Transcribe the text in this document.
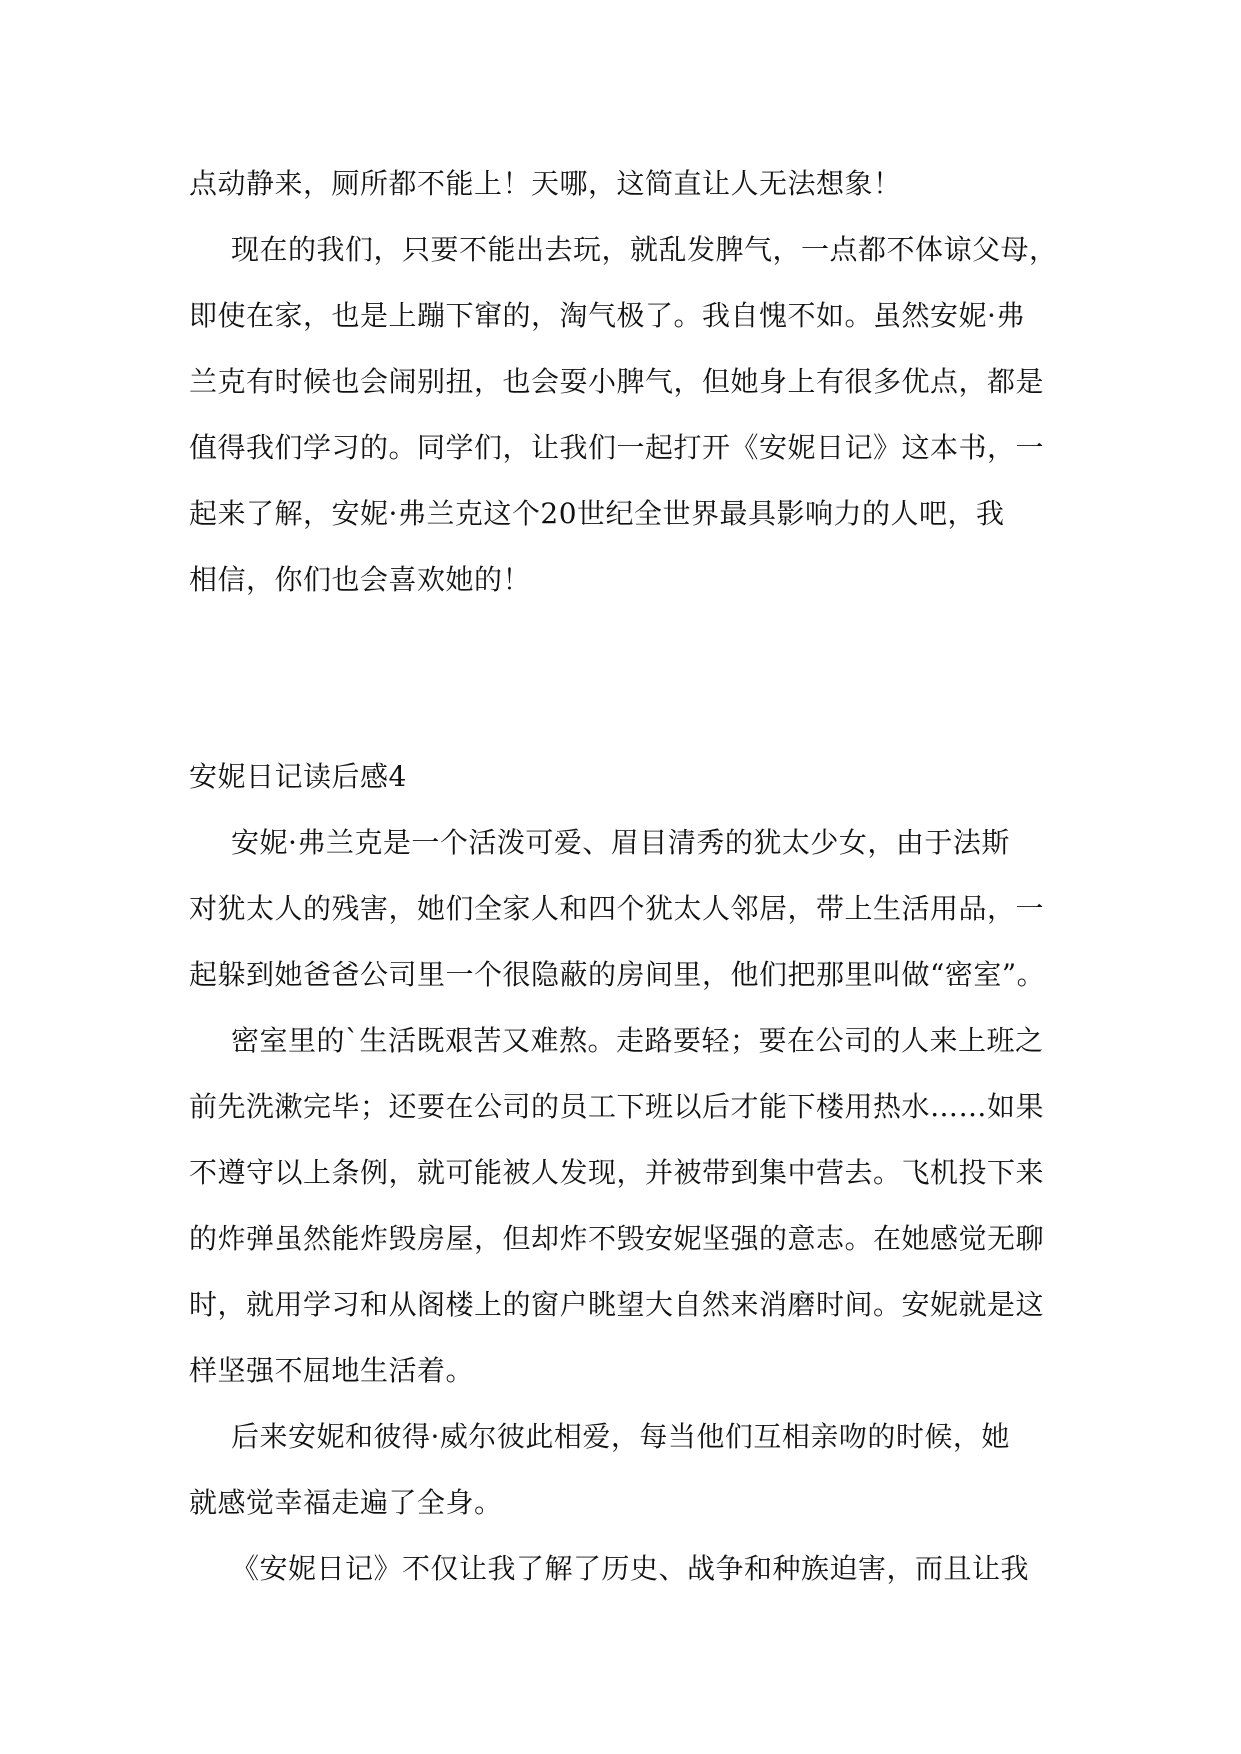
点动静来，厕所都不能上！天哪，这简直让人无法想象！
现在的我们，只要不能出去玩，就乱发脾气，一点都不体谅父母，
即使在家，也是上蹦下窜的，淘气极了。我自愧不如。虽然安妮·弗
兰克有时候也会闹别扭，也会耍小脾气，但她身上有很多优点，都是
值得我们学习的。同学们，让我们一起打开《安妮日记》这本书，一
起来了解，安妮·弗兰克这个20世纪全世界最具影响力的人吧，我
相信，你们也会喜欢她的！
安妮日记读后感4
安妮·弗兰克是一个活泼可爱、眉目清秀的犹太少女，由于法斯
对犹太人的残害，她们全家人和四个犹太人邻居，带上生活用品，一
起躲到她爸爸公司里一个很隐蔽的房间里，他们把那里叫做“密室”。
密室里的`生活既艰苦又难熬。走路要轻；要在公司的人来上班之
前先洗漱完毕；还要在公司的员工下班以后才能下楼用热水……如果
不遵守以上条例，就可能被人发现，并被带到集中营去。飞机投下来
的炸弹虽然能炸毁房屋，但却炸不毁安妮坚强的意志。在她感觉无聊
时，就用学习和从阁楼上的窗户眺望大自然来消磨时间。安妮就是这
样坚强不屈地生活着。
后来安妮和彼得·威尔彼此相爱，每当他们互相亲吻的时候，她
就感觉幸福走遍了全身。
《安妮日记》不仅让我了解了历史、战争和种族迫害，而且让我
